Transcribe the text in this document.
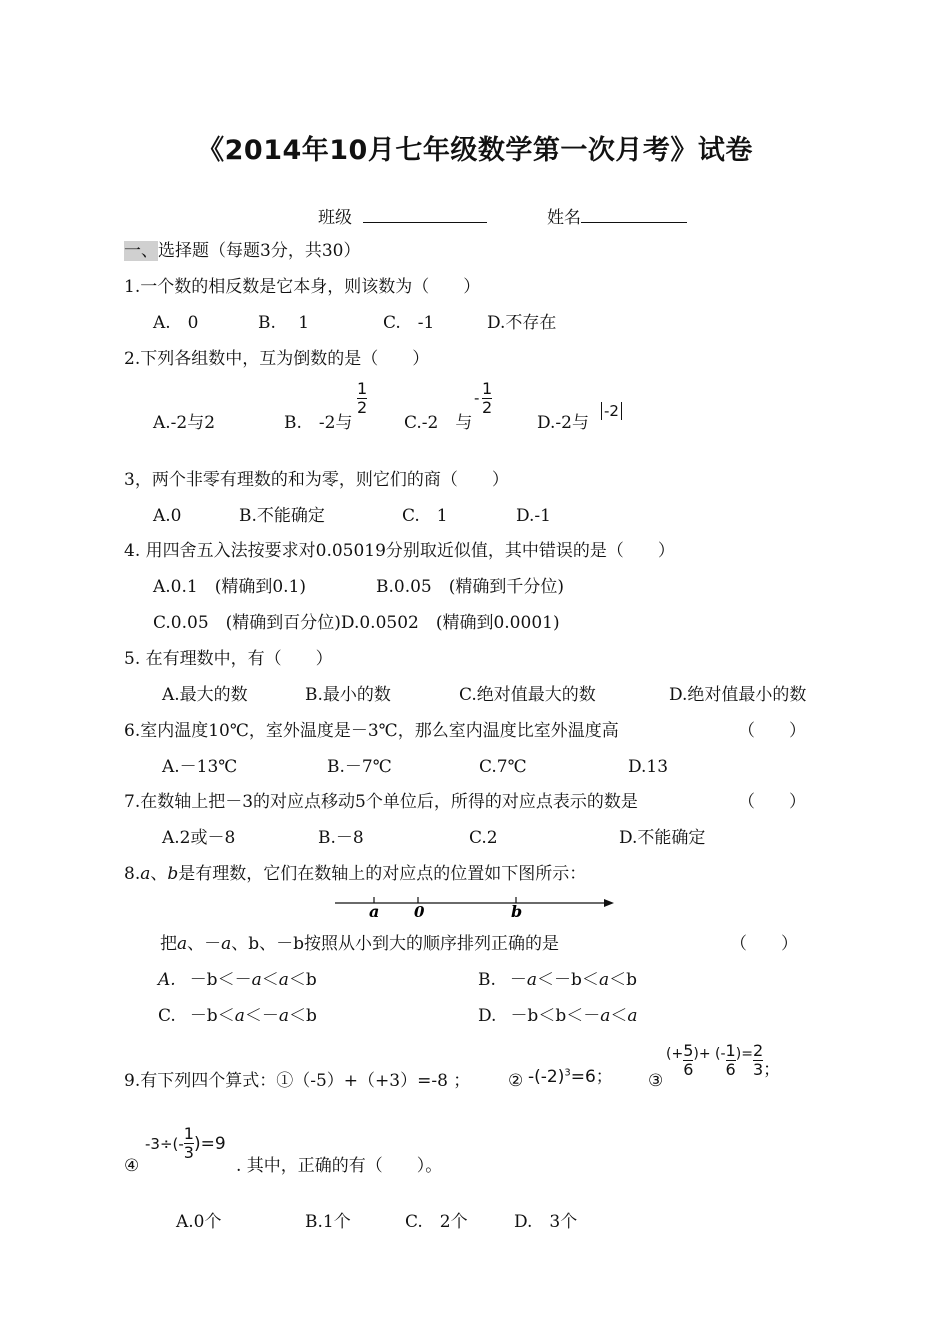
《2014年10月七年级数学第一次月考》试卷
班级	姓名
一、选择题（每题3分，共30）
1.一个数的相反数是它本身，则该数为（　　）
A.　0	B.　 1	C.　-1	D.不存在
2.下列各组数中，互为倒数的是（　　）
A.-2与2	B.　-2与
1
2
C.-2　与
- 1
2
D.-2与
-2
3，两个非零有理数的和为零，则它们的商（　　）
A.0	B.不能确定	C.　1	D.-1
4. 用四舍五入法按要求对0.05019分别取近似值，其中错误的是（　　）
A.0.1　(精确到0.1)	B.0.05　(精确到千分位)
C.0.05　(精确到百分位)D.0.0502　(精确到0.0001)
5. 在有理数中，有（　　）
A.最大的数	B.最小的数	C.绝对值最大的数	D.绝对值最小的数
6.室内温度10℃，室外温度是－3℃，那么室内温度比室外温度高	（　　）
A.－13℃	B.－7℃	C.7℃	D.13
7.在数轴上把－3的对应点移动5个单位后，所得的对应点表示的数是	（　　）
A.2或－8	B.－8	C.2	D.不能确定
8.a、b是有理数，它们在数轴上的对应点的位置如下图所示：
a 0	b
把a、－a、b、－b按照从小到大的顺序排列正确的是	（　　）
A. －b＜－a＜a＜b	B. －a＜－b＜a＜b
C. －b＜a＜－a＜b	D. －b＜b＜－a＜a
9.有下列四个算式：①（-5）+（+3）=-8 ； ② $-(-2)^3=6$； ③
(+ $\frac{5}{6}$ )+ (- $\frac{1}{6}$ )= $\frac{2}{3}$ ；
④
$-3\div(- \frac{1}{3} )=9$
. 其中，正确的有（　　）。
A.0个	B.1个	C.　2个	D.　3个
